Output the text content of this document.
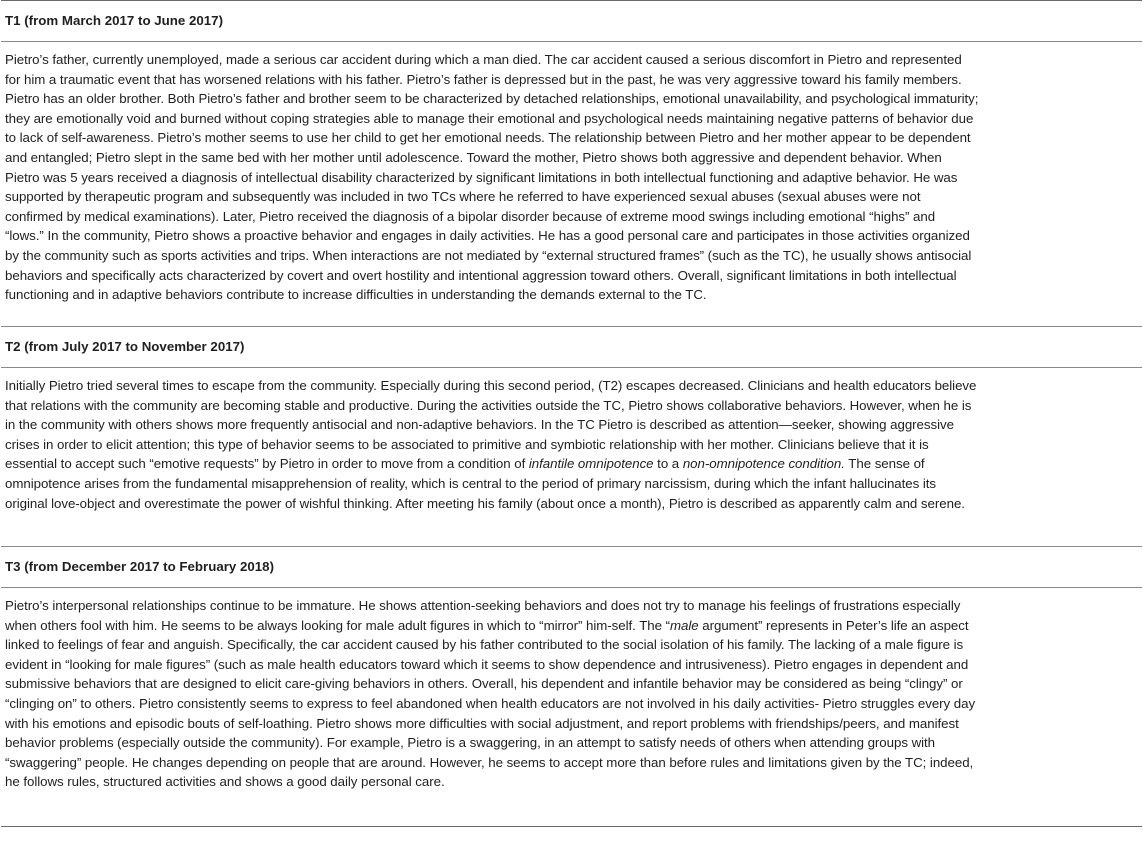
T1 (from March 2017 to June 2017)
Pietro’s father, currently unemployed, made a serious car accident during which a man died. The car accident caused a serious discomfort in Pietro and represented
for him a traumatic event that has worsened relations with his father. Pietro’s father is depressed but in the past, he was very aggressive toward his family members.
Pietro has an older brother. Both Pietro’s father and brother seem to be characterized by detached relationships, emotional unavailability, and psychological immaturity;
they are emotionally void and burned without coping strategies able to manage their emotional and psychological needs maintaining negative patterns of behavior due
to lack of self-awareness. Pietro’s mother seems to use her child to get her emotional needs. The relationship between Pietro and her mother appear to be dependent
and entangled; Pietro slept in the same bed with her mother until adolescence. Toward the mother, Pietro shows both aggressive and dependent behavior. When
Pietro was 5 years received a diagnosis of intellectual disability characterized by significant limitations in both intellectual functioning and adaptive behavior. He was
supported by therapeutic program and subsequently was included in two TCs where he referred to have experienced sexual abuses (sexual abuses were not
confirmed by medical examinations). Later, Pietro received the diagnosis of a bipolar disorder because of extreme mood swings including emotional “highs” and
“lows.” In the community, Pietro shows a proactive behavior and engages in daily activities. He has a good personal care and participates in those activities organized
by the community such as sports activities and trips. When interactions are not mediated by “external structured frames” (such as the TC), he usually shows antisocial
behaviors and specifically acts characterized by covert and overt hostility and intentional aggression toward others. Overall, significant limitations in both intellectual
functioning and in adaptive behaviors contribute to increase difficulties in understanding the demands external to the TC.
T2 (from July 2017 to November 2017)
Initially Pietro tried several times to escape from the community. Especially during this second period, (T2) escapes decreased. Clinicians and health educators believe
that relations with the community are becoming stable and productive. During the activities outside the TC, Pietro shows collaborative behaviors. However, when he is
in the community with others shows more frequently antisocial and non-adaptive behaviors. In the TC Pietro is described as attention—seeker, showing aggressive
crises in order to elicit attention; this type of behavior seems to be associated to primitive and symbiotic relationship with her mother. Clinicians believe that it is
essential to accept such “emotive requests” by Pietro in order to move from a condition of infantile omnipotence to a non-omnipotence condition. The sense of
omnipotence arises from the fundamental misapprehension of reality, which is central to the period of primary narcissism, during which the infant hallucinates its
original love-object and overestimate the power of wishful thinking. After meeting his family (about once a month), Pietro is described as apparently calm and serene.
T3 (from December 2017 to February 2018)
Pietro’s interpersonal relationships continue to be immature. He shows attention-seeking behaviors and does not try to manage his feelings of frustrations especially
when others fool with him. He seems to be always looking for male adult figures in which to “mirror” him-self. The “male argument” represents in Peter’s life an aspect
linked to feelings of fear and anguish. Specifically, the car accident caused by his father contributed to the social isolation of his family. The lacking of a male figure is
evident in “looking for male figures” (such as male health educators toward which it seems to show dependence and intrusiveness). Pietro engages in dependent and
submissive behaviors that are designed to elicit care-giving behaviors in others. Overall, his dependent and infantile behavior may be considered as being “clingy” or
“clinging on” to others. Pietro consistently seems to express to feel abandoned when health educators are not involved in his daily activities- Pietro struggles every day
with his emotions and episodic bouts of self-loathing. Pietro shows more difficulties with social adjustment, and report problems with friendships/peers, and manifest
behavior problems (especially outside the community). For example, Pietro is a swaggering, in an attempt to satisfy needs of others when attending groups with
“swaggering” people. He changes depending on people that are around. However, he seems to accept more than before rules and limitations given by the TC; indeed,
he follows rules, structured activities and shows a good daily personal care.
